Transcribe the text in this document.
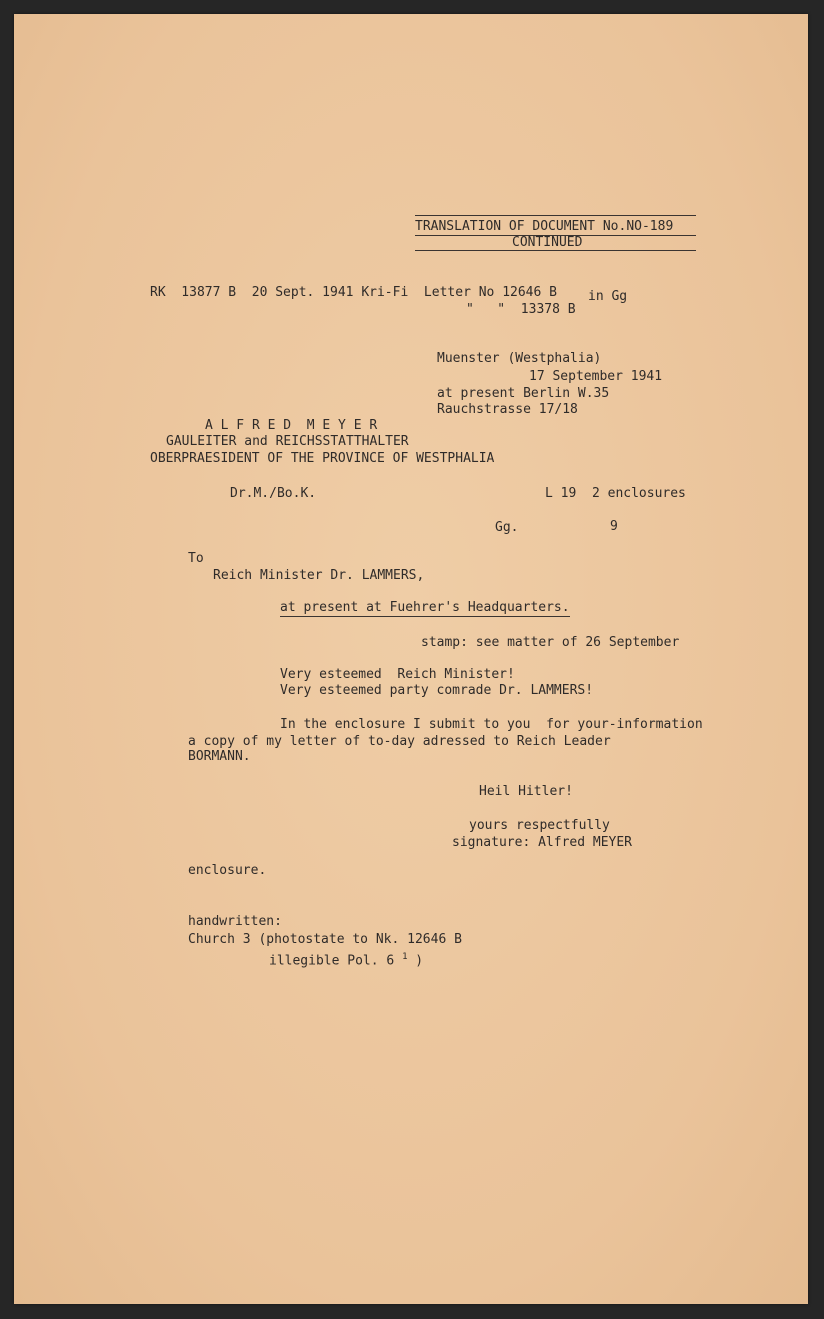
TRANSLATION OF DOCUMENT No.NO-189
CONTINUED
RK  13877 B  20 Sept. 1941 Kri-Fi  Letter No 12646 B in Gg
"   "  13378 B
Muenster (Westphalia)
17 September 1941
at present Berlin W.35
Rauchstrasse 17/18
A L F R E D  M E Y E R
GAULEITER and REICHSSTATTHALTER
OBERPRAESIDENT OF THE PROVINCE OF WESTPHALIA
Dr.M./Bo.K.	L 19  2 enclosures
Gg.	9
To
Reich Minister Dr. LAMMERS,
at present at Fuehrer's Headquarters.
stamp: see matter of 26 September
Very esteemed  Reich Minister!
Very esteemed party comrade Dr. LAMMERS!
In the enclosure I submit to you  for your-information
a copy of my letter of to-day adressed to Reich Leader
BORMANN.
Heil Hitler!
yours respectfully
signature: Alfred MEYER
enclosure.
handwritten:
Church 3 (photostate to Nk. 12646 B
illegible Pol. 6 $^1$ )
